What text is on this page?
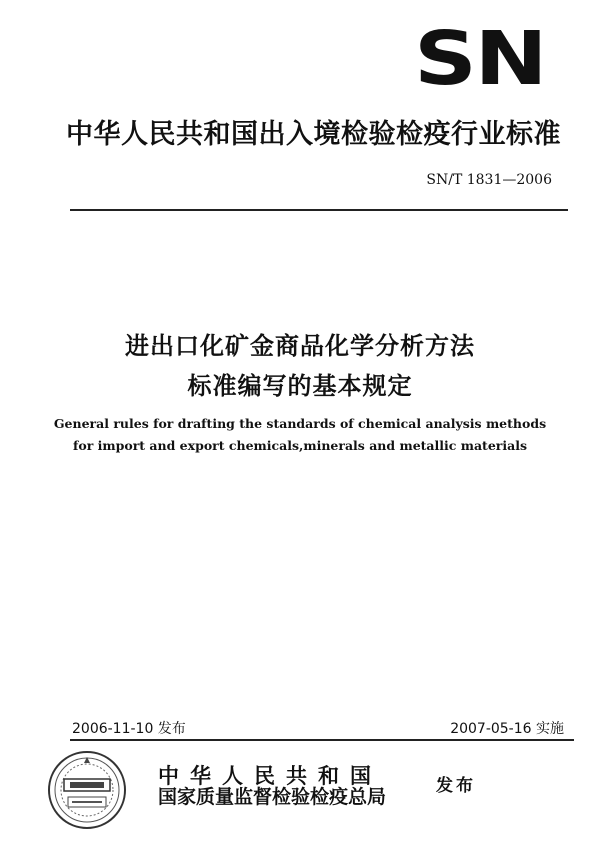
SN
中华人民共和国出入境检验检疫行业标准
SN/T 1831—2006
进出口化矿金商品化学分析方法
标准编写的基本规定
General rules for drafting the standards of chemical analysis methods
for import and export chemicals,minerals and metallic materials
2006-11-10 发布	2007-05-16 实施
中华人民共和国
国家质量监督检验检疫总局	发布
